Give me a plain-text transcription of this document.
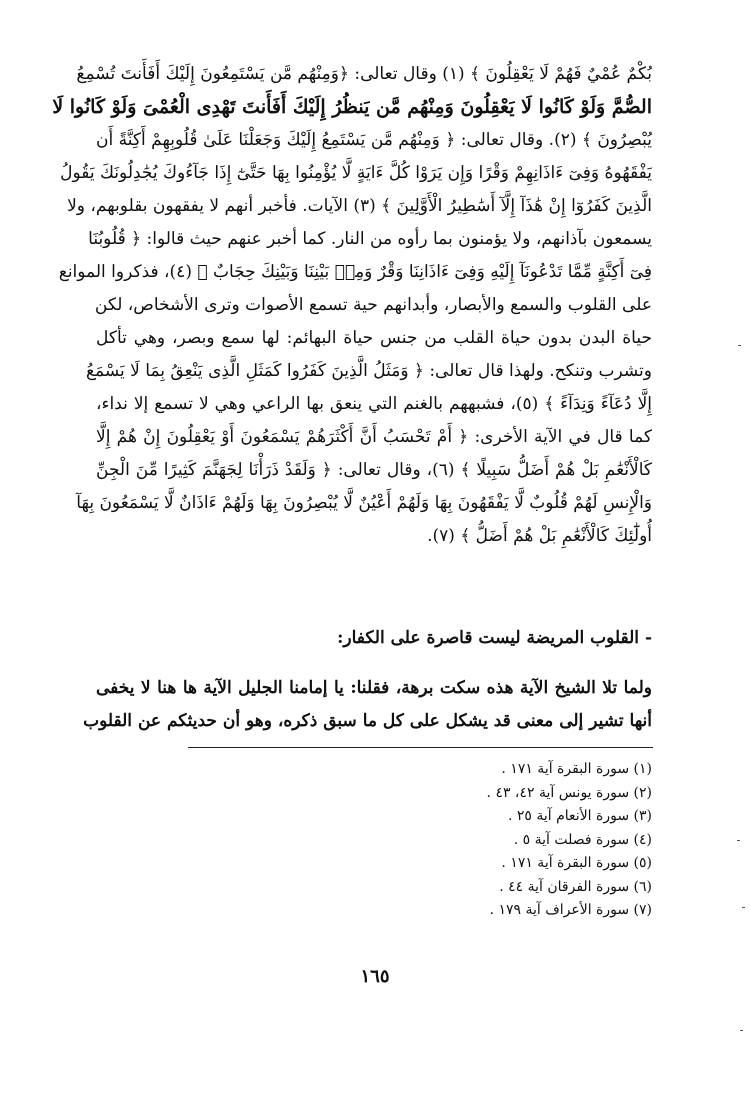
بُكْمٌ عُمْيٌ فَهُمْ لَا يَعْقِلُونَ ﴾ (١) وقال تعالى: ﴿وَمِنْهُم مَّن يَسْتَمِعُونَ إِلَيْكَ أَفَأَنتَ تُسْمِعُ
الصُّمَّ وَلَوْ كَانُوا لَا يَعْقِلُونَ وَمِنْهُم مَّن يَنظُرُ إِلَيْكَ أَفَأَنتَ تَهْدِى الْعُمْىَ وَلَوْ كَانُوا لَا
يُبْصِرُونَ ﴾ (٢). وقال تعالى: ﴿ وَمِنْهُم مَّن يَسْتَمِعُ إِلَيْكَ وَجَعَلْنَا عَلَىٰ قُلُوبِهِمْ أَكِنَّةً أَن
يَفْقَهُوهُ وَفِىٓ ءَاذَانِهِمْ وَقْرًا وَإِن يَرَوْا كُلَّ ءَايَةٍ لَّا يُؤْمِنُوا بِهَا حَتَّىٰٓ إِذَا جَآءُوكَ يُجَٰدِلُونَكَ يَقُولُ
الَّذِينَ كَفَرُوٓا إِنْ هَٰذَآ إِلَّآ أَسَٰطِيرُ الْأَوَّلِينَ ﴾ (٣) الآيات. فأخبر أنهم لا يفقهون بقلوبهم، ولا
يسمعون بآذانهم، ولا يؤمنون بما رأوه من النار. كما أخبر عنهم حيث قالوا: ﴿ قُلُوبُنَا
فِىٓ أَكِنَّةٍ مِّمَّا تَدْعُونَآ إِلَيْهِ وَفِىٓ ءَاذَانِنَا وَقْرٌ وَمِنۢ بَيْنِنَا وَبَيْنِكَ حِجَابٌ ﴾ (٤)، فذكروا الموانع
على القلوب والسمع والأبصار، وأبدانهم حية تسمع الأصوات وترى الأشخاص، لكن
حياة البدن بدون حياة القلب من جنس حياة البهائم: لها سمع وبصر، وهي تأكل
وتشرب وتنكح. ولهذا قال تعالى: ﴿ وَمَثَلُ الَّذِينَ كَفَرُوا كَمَثَلِ الَّذِى يَنْعِقُ بِمَا لَا يَسْمَعُ
إِلَّا دُعَآءً وَنِدَآءً ﴾ (٥)، فشبههم بالغنم التي ينعق بها الراعي وهي لا تسمع إلا نداء،
كما قال في الآية الأخرى: ﴿ أَمْ تَحْسَبُ أَنَّ أَكْثَرَهُمْ يَسْمَعُونَ أَوْ يَعْقِلُونَ إِنْ هُمْ إِلَّا
كَالْأَنْعَٰمِ بَلْ هُمْ أَضَلُّ سَبِيلًا ﴾ (٦)، وقال تعالى: ﴿ وَلَقَدْ ذَرَأْنَا لِجَهَنَّمَ كَثِيرًا مِّنَ الْجِنِّ
وَالْإِنسِ لَهُمْ قُلُوبٌ لَّا يَفْقَهُونَ بِهَا وَلَهُمْ أَعْيُنٌ لَّا يُبْصِرُونَ بِهَا وَلَهُمْ ءَاذَانٌ لَّا يَسْمَعُونَ بِهَآ
أُولَٰٓئِكَ كَالْأَنْعَٰمِ بَلْ هُمْ أَضَلُّ ﴾ (٧).
- القلوب المريضة ليست قاصرة على الكفار:
ولما تلا الشيخ الآية هذه سكت برهة، فقلنا: يا إمامنا الجليل الآية ها هنا لا يخفى
أنها تشير إلى معنى قد يشكل على كل ما سبق ذكره، وهو أن حديثكم عن القلوب
(١) سورة البقرة آية ١٧١ .
(٢) سورة يونس آية ٤٢، ٤٣ .
(٣) سورة الأنعام آية ٢٥ .
(٤) سورة فصلت آية ٥ .
(٥) سورة البقرة آية ١٧١ .
(٦) سورة الفرقان آية ٤٤ .
(٧) سورة الأعراف آية ١٧٩ .
١٦٥
